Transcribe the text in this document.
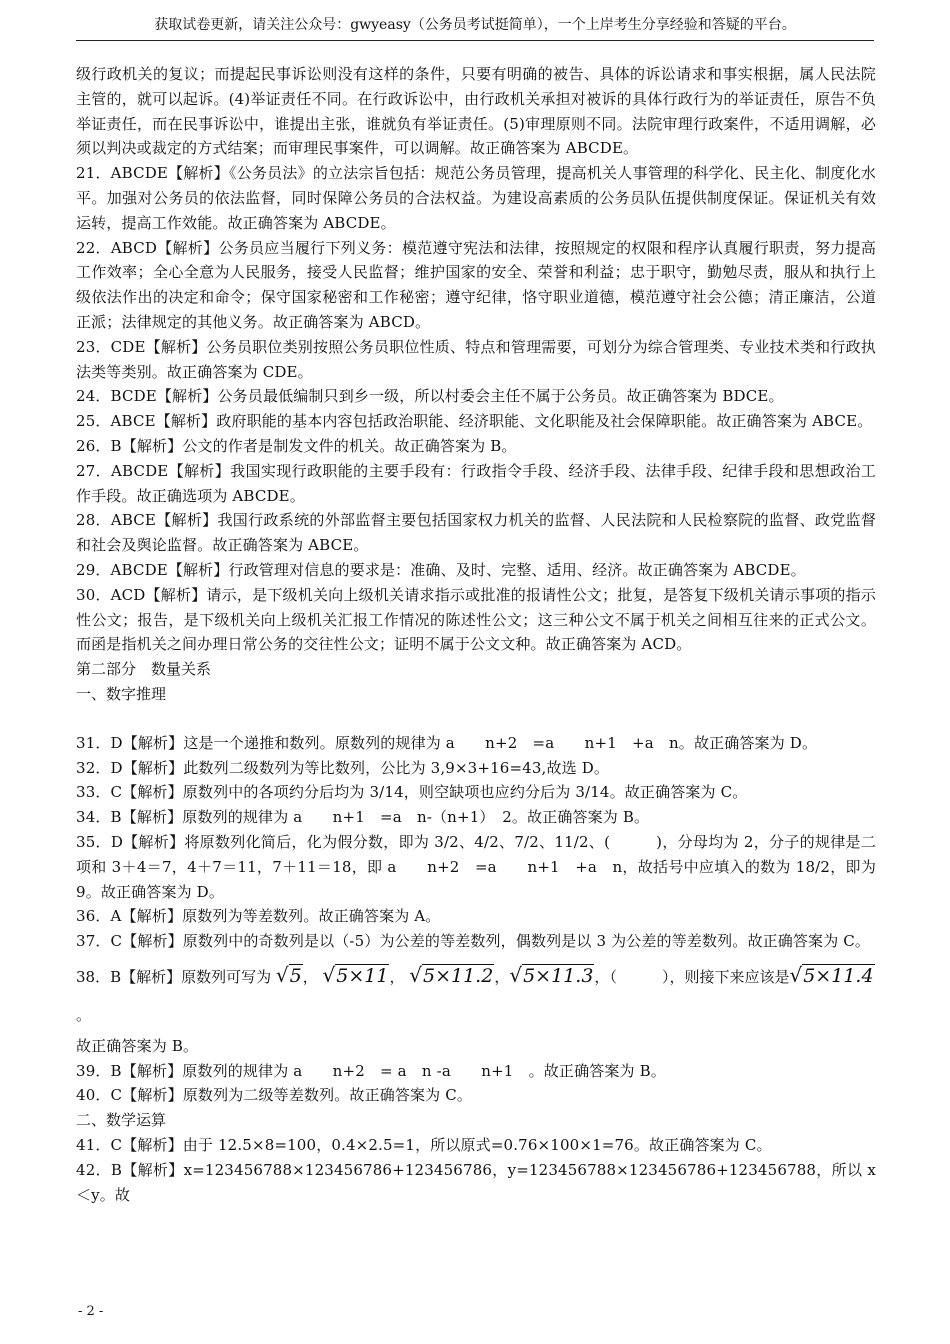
获取试卷更新，请关注公众号：gwyeasy（公务员考试挺简单），一个上岸考生分享经验和答疑的平台。

级行政机关的复议；而提起民事诉讼则没有这样的条件，只要有明确的被告、具体的诉讼请求和事实根据，属人民法院主管的，就可以起诉。(4)举证责任不同。在行政诉讼中，由行政机关承担对被诉的具体行政行为的举证责任，原告不负举证责任，而在民事诉讼中，谁提出主张，谁就负有举证责任。(5)审理原则不同。法院审理行政案件，不适用调解，必须以判决或裁定的方式结案；而审理民事案件，可以调解。故正确答案为 ABCDE。

21．ABCDE【解析】《公务员法》的立法宗旨包括：规范公务员管理，提高机关人事管理的科学化、民主化、制度化水平。加强对公务员的依法监督，同时保障公务员的合法权益。为建设高素质的公务员队伍提供制度保证。保证机关有效运转，提高工作效能。故正确答案为 ABCDE。

22．ABCD【解析】公务员应当履行下列义务：模范遵守宪法和法律，按照规定的权限和程序认真履行职责，努力提高工作效率；全心全意为人民服务，接受人民监督；维护国家的安全、荣誉和利益；忠于职守，勤勉尽责，服从和执行上级依法作出的决定和命令；保守国家秘密和工作秘密；遵守纪律，恪守职业道德，模范遵守社会公德；清正廉洁，公道正派；法律规定的其他义务。故正确答案为 ABCD。

23．CDE【解析】公务员职位类别按照公务员职位性质、特点和管理需要，可划分为综合管理类、专业技术类和行政执法类等类别。故正确答案为 CDE。

24．BCDE【解析】公务员最低编制只到乡一级，所以村委会主任不属于公务员。故正确答案为 BDCE。

25．ABCE【解析】政府职能的基本内容包括政治职能、经济职能、文化职能及社会保障职能。故正确答案为 ABCE。

26．B【解析】公文的作者是制发文件的机关。故正确答案为 B。

27．ABCDE【解析】我国实现行政职能的主要手段有：行政指令手段、经济手段、法律手段、纪律手段和思想政治工作手段。故正确选项为 ABCDE。

28．ABCE【解析】我国行政系统的外部监督主要包括国家权力机关的监督、人民法院和人民检察院的监督、政党监督和社会及舆论监督。故正确答案为 ABCE。

29．ABCDE【解析】行政管理对信息的要求是：准确、及时、完整、适用、经济。故正确答案为 ABCDE。

30．ACD【解析】请示，是下级机关向上级机关请求指示或批准的报请性公文；批复，是答复下级机关请示事项的指示性公文；报告，是下级机关向上级机关汇报工作情况的陈述性公文；这三种公文不属于机关之间相互往来的正式公文。而函是指机关之间办理日常公务的交往性公文；证明不属于公文文种。故正确答案为 ACD。

第二部分　数量关系

一、数字推理

31．D【解析】这是一个递推和数列。原数列的规律为 a　　n+2　=a　　n+1　+a　n。故正确答案为 D。

32．D【解析】此数列二级数列为等比数列，公比为 3,9×3+16=43,故选 D。

33．C【解析】原数列中的各项约分后均为 3/14，则空缺项也应约分后为 3/14。故正确答案为 C。

34．B【解析】原数列的规律为 a　　n+1　=a　n-（n+1）　2。故正确答案为 B。

35．D【解析】将原数列化简后，化为假分数，即为 3/2、4/2、7/2、11/2、(　　　)，分母均为 2，分子的规律是二项和 3＋4＝7，4＋7＝11，7＋11＝18，即 a　　n+2　=a　　n+1　+a　n，故括号中应填入的数为 18/2，即为 9。故正确答案为 D。

36．A【解析】原数列为等差数列。故正确答案为 A。

37．C【解析】原数列中的奇数列是以（-5）为公差的等差数列，偶数列是以 3 为公差的等差数列。故正确答案为 C。

38．B【解析】原数列可写为 √5， √5×11， √5×11.2，√5×11.3，（　　　），则接下来应该是√5×11.4。

故正确答案为 B。

39．B【解析】原数列的规律为 a　　n+2　= a　n -a　　n+1　。故正确答案为 B。

40．C【解析】原数列为二级等差数列。故正确答案为 C。

二、数学运算

41．C【解析】由于 12.5×8=100，0.4×2.5=1，所以原式=0.76×100×1=76。故正确答案为 C。

42．B【解析】x=123456788×123456786+123456786，y=123456788×123456786+123456788，所以 x＜y。故

- 2 -
